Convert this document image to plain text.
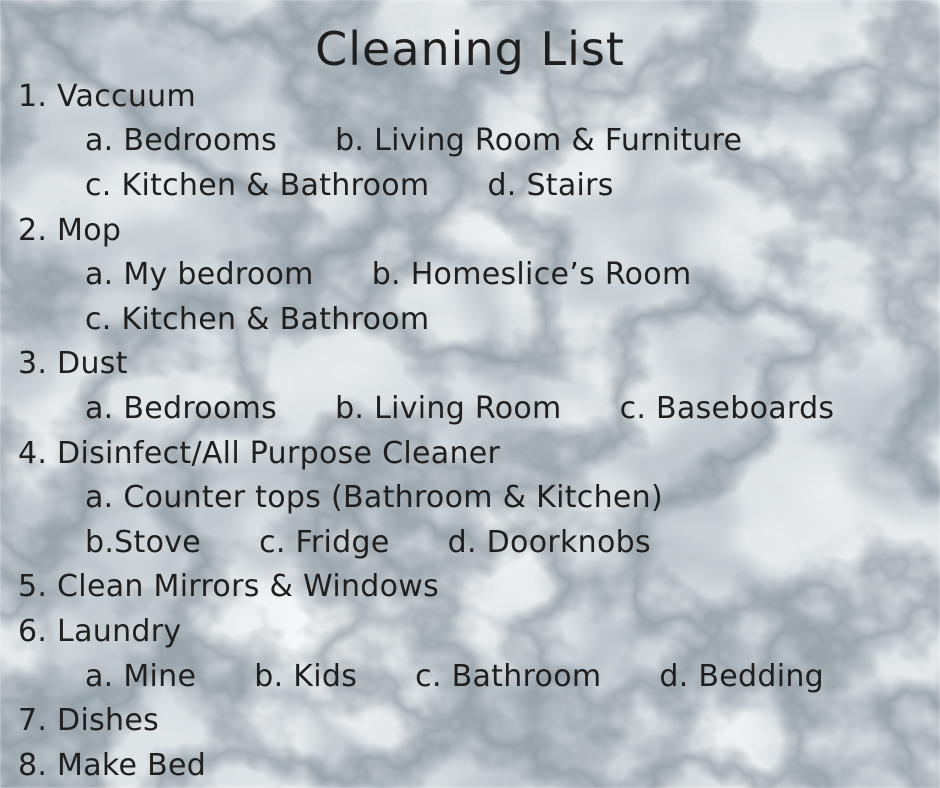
Cleaning List
1. Vaccuum
a. Bedrooms b. Living Room & Furniture
c. Kitchen & Bathroom d. Stairs
2. Mop
a. My bedroom b. Homeslice’s Room
c. Kitchen & Bathroom
3. Dust
a. Bedrooms b. Living Room c. Baseboards
4. Disinfect/All Purpose Cleaner
a. Counter tops (Bathroom & Kitchen)
b.Stove c. Fridge d. Doorknobs
5. Clean Mirrors & Windows
6. Laundry
a. Mine b. Kids c. Bathroom d. Bedding
7. Dishes
8. Make Bed
